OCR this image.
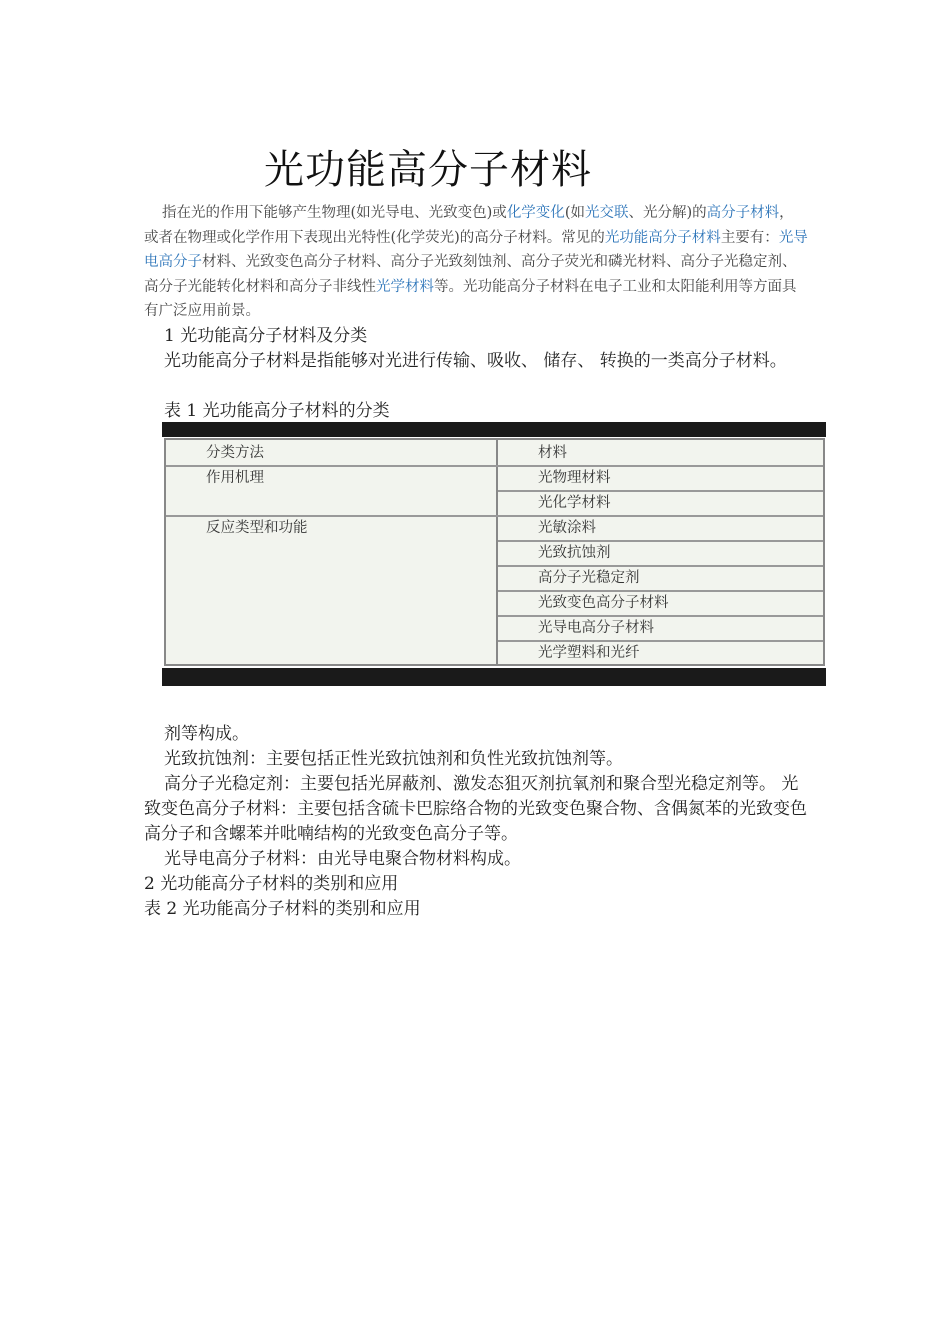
光功能高分子材料

指在光的作用下能够产生物理(如光导电、光致变色)或化学变化(如光交联、光分解)的高分子材料，或者在物理或化学作用下表现出光特性(化学荧光)的高分子材料。常见的光功能高分子材料主要有：光导电高分子材料、光致变色高分子材料、高分子光致刻蚀剂、高分子荧光和磷光材料、高分子光稳定剂、高分子光能转化材料和高分子非线性光学材料等。光功能高分子材料在电子工业和太阳能利用等方面具有广泛应用前景。

1 光功能高分子材料及分类
光功能高分子材料是指能够对光进行传输、吸收、 储存、 转换的一类高分子材料。
表 1 光功能高分子材料的分类
分类方法	材料
作用机理	光物理材料
光化学材料
反应类型和功能	光敏涂料
光致抗蚀剂
高分子光稳定剂
光致变色高分子材料
光导电高分子材料
光学塑料和光纤
剂等构成。
光致抗蚀剂：主要包括正性光致抗蚀剂和负性光致抗蚀剂等。
高分子光稳定剂：主要包括光屏蔽剂、激发态狙灭剂抗氧剂和聚合型光稳定剂等。 光致变色高分子材料：主要包括含硫卡巴腙络合物的光致变色聚合物、含偶氮苯的光致变色高分子和含螺苯并吡喃结构的光致变色高分子等。
光导电高分子材料：由光导电聚合物材料构成。
2 光功能高分子材料的类别和应用
表 2 光功能高分子材料的类别和应用
